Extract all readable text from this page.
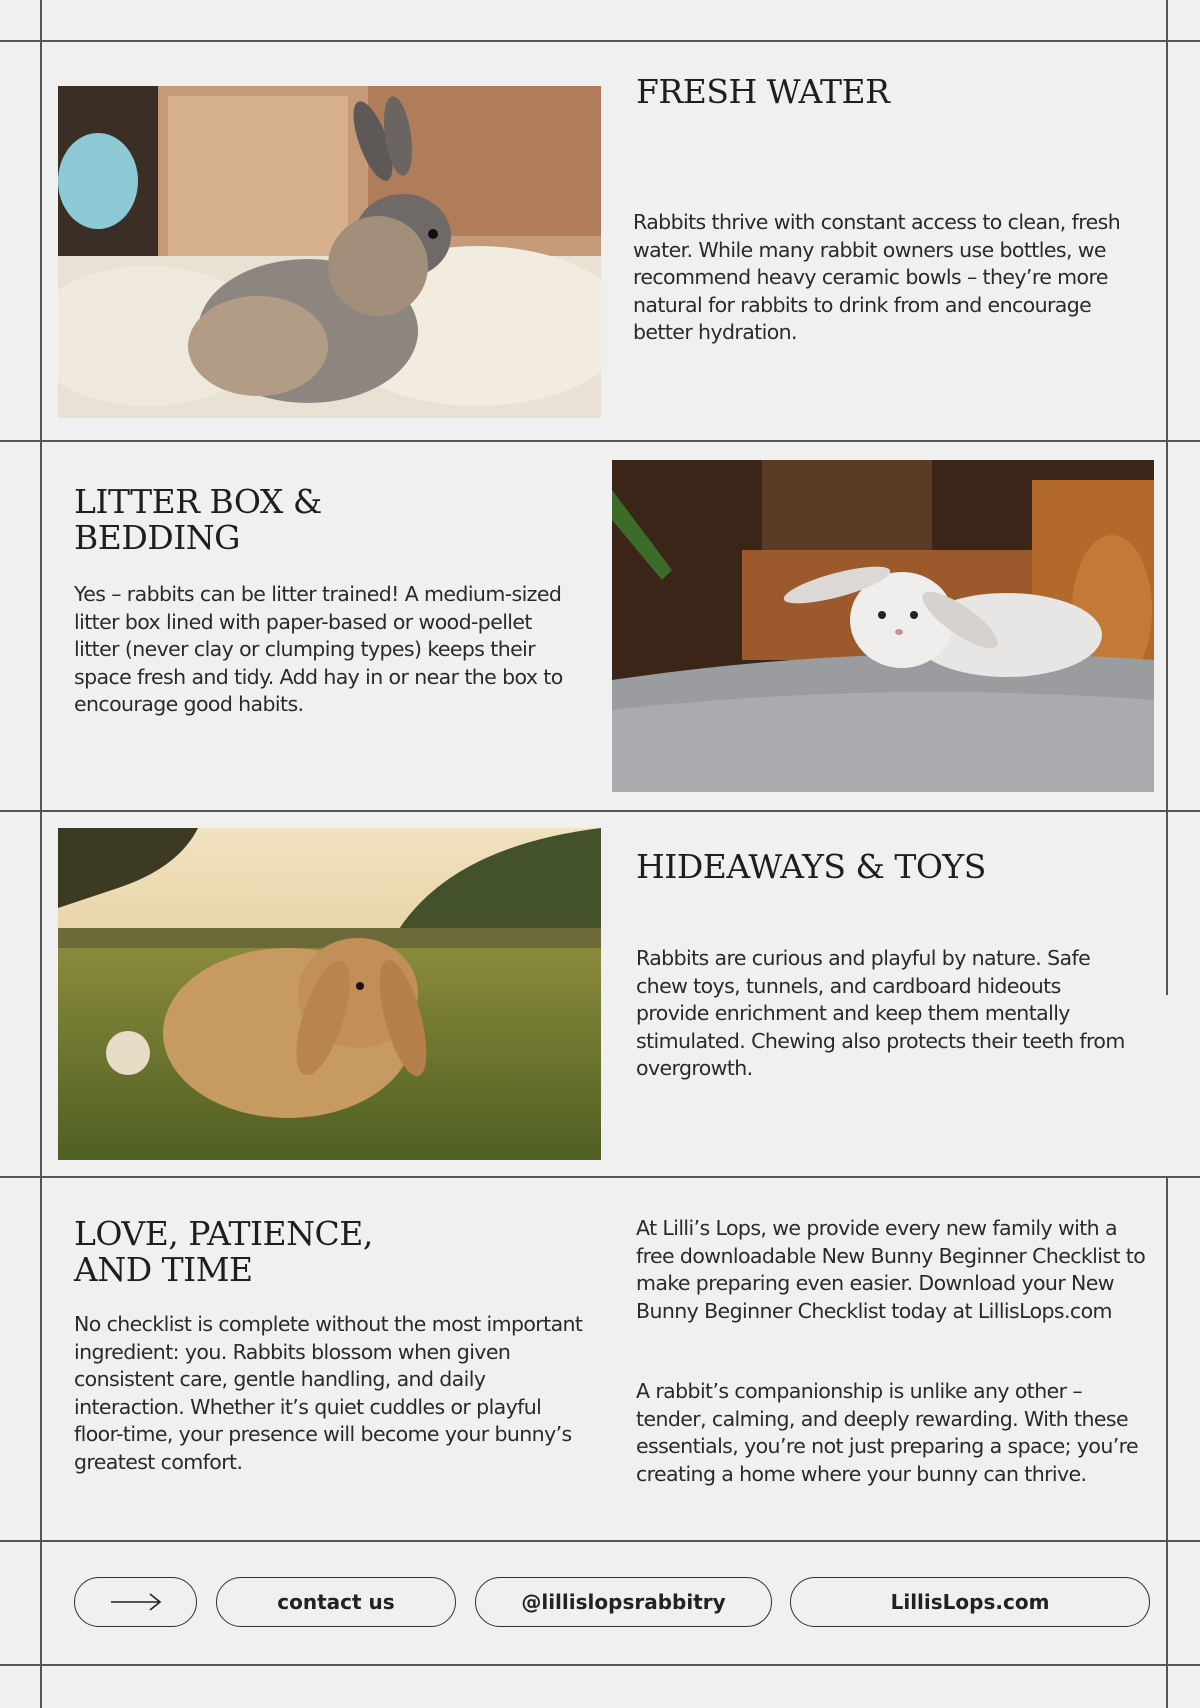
FRESH WATER

Rabbits thrive with constant access to clean, fresh water. While many rabbit owners use bottles, we recommend heavy ceramic bowls – they’re more natural for rabbits to drink from and encourage better hydration.

LITTER BOX &
BEDDING

Yes – rabbits can be litter trained! A medium-sized litter box lined with paper-based or wood-pellet litter (never clay or clumping types) keeps their space fresh and tidy. Add hay in or near the box to encourage good habits.

HIDEAWAYS & TOYS

Rabbits are curious and playful by nature. Safe chew toys, tunnels, and cardboard hideouts provide enrichment and keep them mentally stimulated. Chewing also protects their teeth from overgrowth.

LOVE, PATIENCE,
AND TIME

No checklist is complete without the most important ingredient: you. Rabbits blossom when given consistent care, gentle handling, and daily interaction. Whether it’s quiet cuddles or playful floor-time, your presence will become your bunny’s greatest comfort.

At Lilli’s Lops, we provide every new family with a free downloadable New Bunny Beginner Checklist to make preparing even easier. Download your New Bunny Beginner Checklist today at LillisLops.com

A rabbit’s companionship is unlike any other – tender, calming, and deeply rewarding. With these essentials, you’re not just preparing a space; you’re creating a home where your bunny can thrive.

contact us	@lillislopsrabbitry	LillisLops.com
